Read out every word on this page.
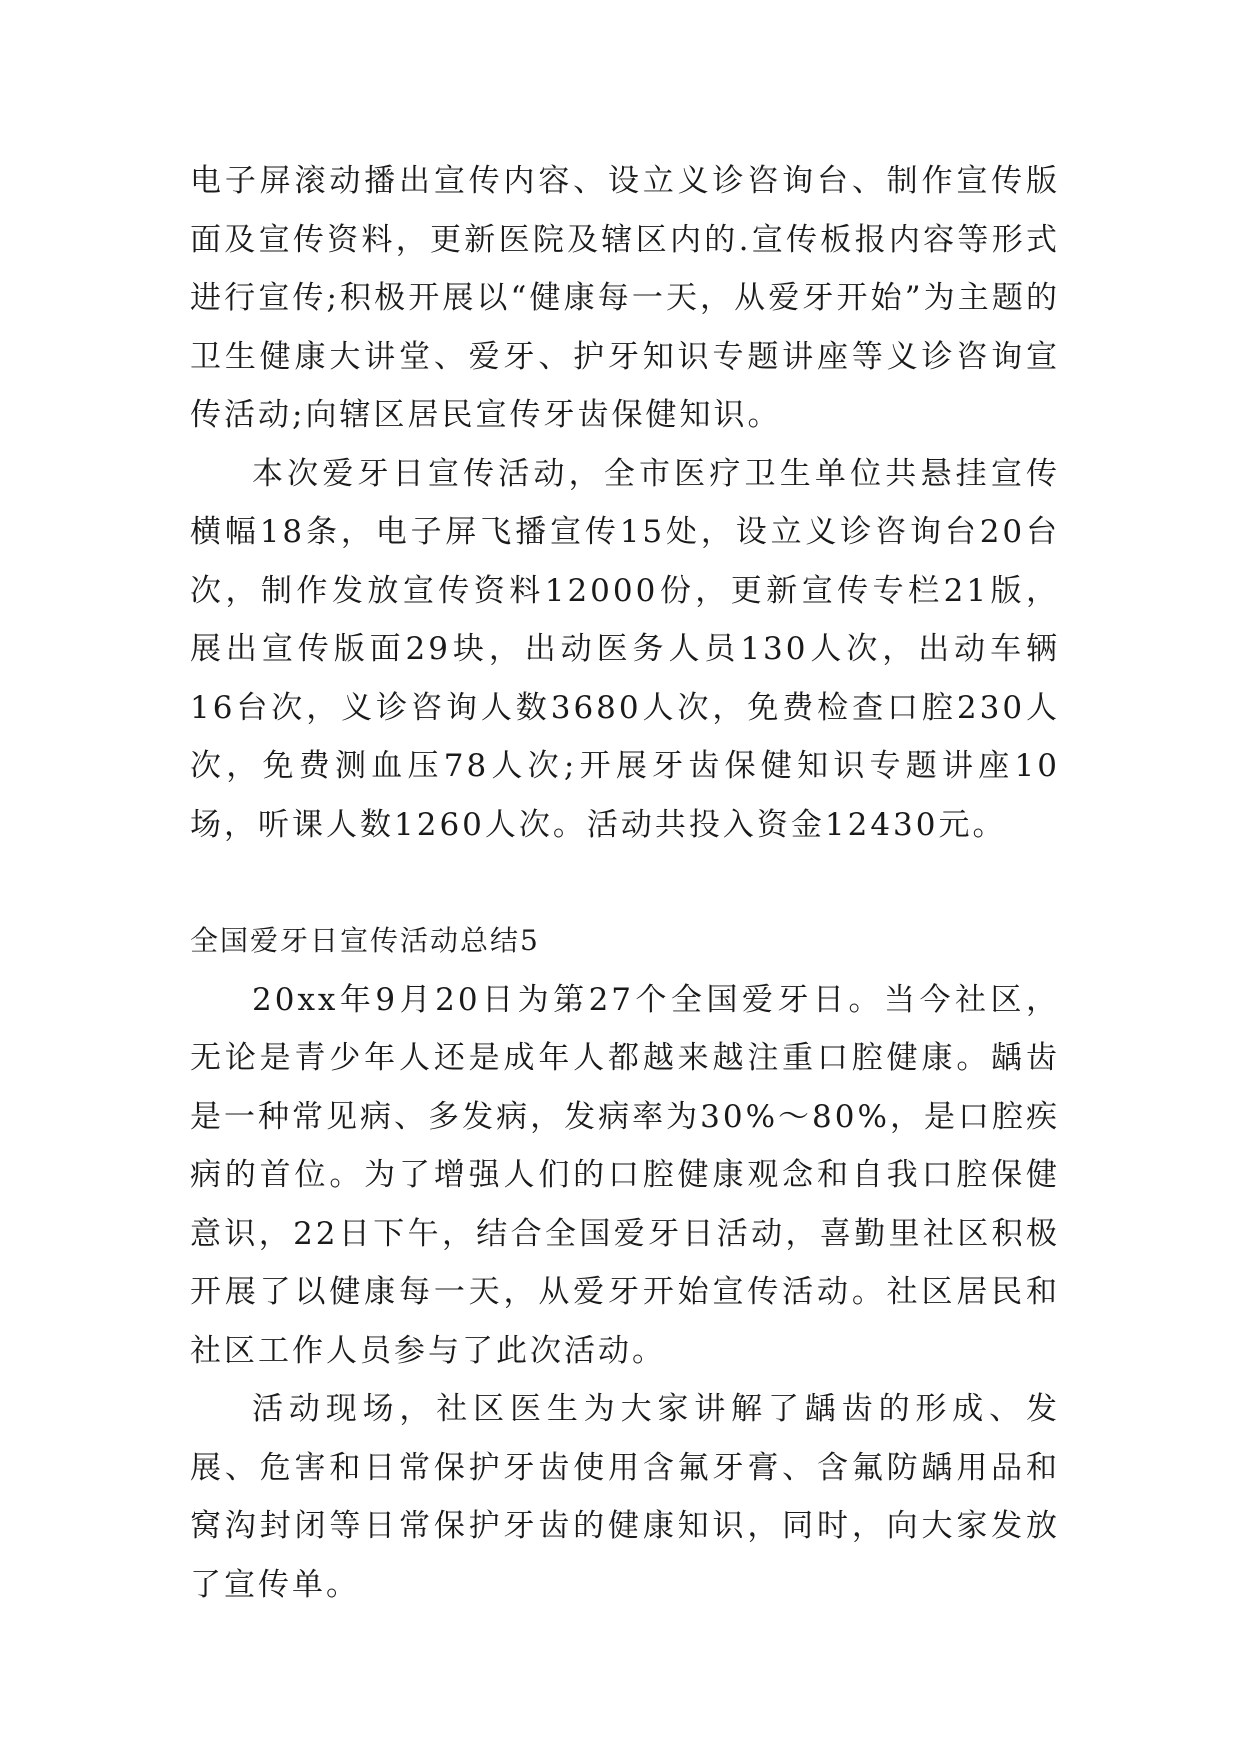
电子屏滚动播出宣传内容、设立义诊咨询台、制作宣传版面及宣传资料，更新医院及辖区内的.宣传板报内容等形式进行宣传;积极开展以“健康每一天，从爱牙开始”为主题的卫生健康大讲堂、爱牙、护牙知识专题讲座等义诊咨询宣传活动;向辖区居民宣传牙齿保健知识。

本次爱牙日宣传活动，全市医疗卫生单位共悬挂宣传横幅18条，电子屏飞播宣传15处，设立义诊咨询台20台次，制作发放宣传资料12000份，更新宣传专栏21版，展出宣传版面29块，出动医务人员130人次，出动车辆16台次，义诊咨询人数3680人次，免费检查口腔230人次，免费测血压78人次;开展牙齿保健知识专题讲座10场，听课人数1260人次。活动共投入资金12430元。

全国爱牙日宣传活动总结5

20xx年9月20日为第27个全国爱牙日。当今社区，无论是青少年人还是成年人都越来越注重口腔健康。龋齿是一种常见病、多发病，发病率为30%～80%，是口腔疾病的首位。为了增强人们的口腔健康观念和自我口腔保健意识，22日下午，结合全国爱牙日活动，喜勤里社区积极开展了以健康每一天，从爱牙开始宣传活动。社区居民和社区工作人员参与了此次活动。

活动现场，社区医生为大家讲解了龋齿的形成、发展、危害和日常保护牙齿使用含氟牙膏、含氟防龋用品和窝沟封闭等日常保护牙齿的健康知识，同时，向大家发放了宣传单。
